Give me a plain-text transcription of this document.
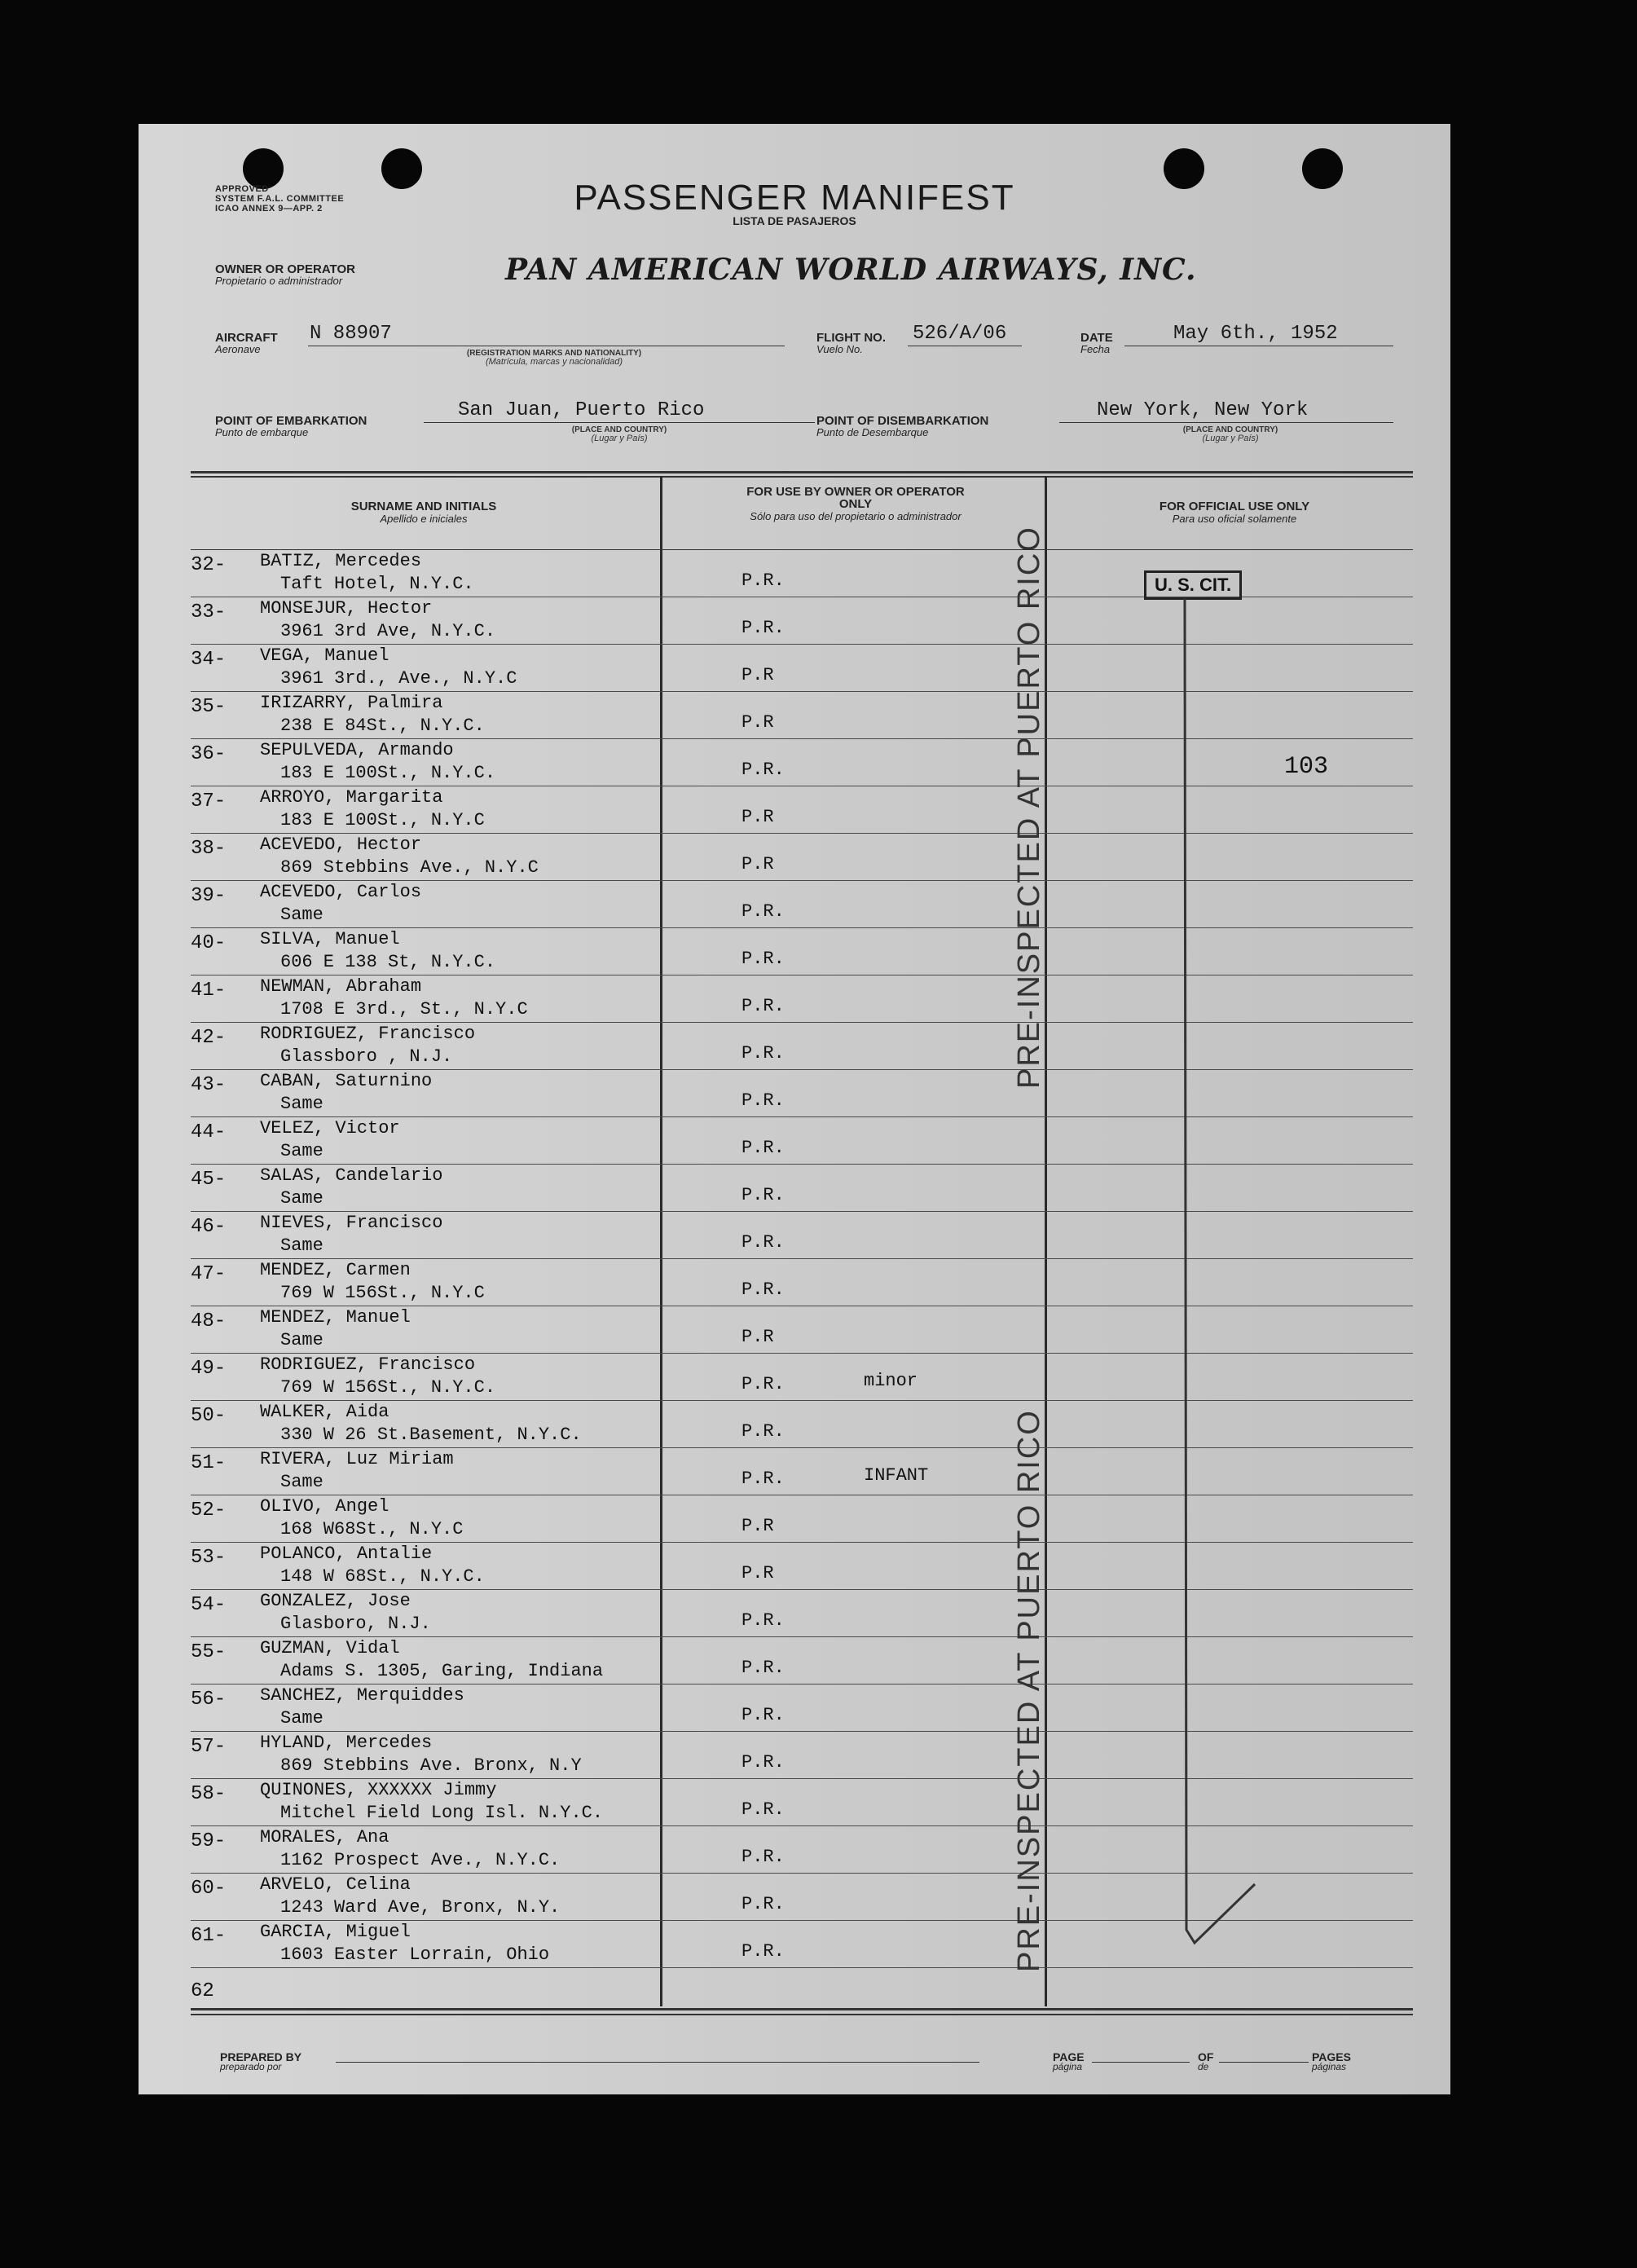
APPROVED
SYSTEM F.A.L. COMMITTEE
ICAO ANNEX 9—APP. 2	PASSENGER MANIFEST
LISTA DE PASAJEROS
OWNER OR OPERATOR
Propietario o administrador	PAN AMERICAN WORLD AIRWAYS, INC.
AIRCRAFT
Aeronave
N 88907
(REGISTRATION MARKS AND NATIONALITY)
(Matrícula, marcas y nacionalidad)
FLIGHT NO.
Vuelo No.
526/A/06	DATE
Fecha
May 6th., 1952
POINT OF EMBARKATION
Punto de embarque
San Juan, Puerto Rico
(PLACE AND COUNTRY)
(Lugar y País)
POINT OF DISEMBARKATION
Punto de Desembarque
New York, New York
(PLACE AND COUNTRY)
(Lugar y País)
SURNAME AND INITIALS
Apellido e iniciales
FOR USE BY OWNER OR OPERATOR ONLY
Sólo para uso del propietario o administrador
FOR OFFICIAL USE ONLY
Para uso oficial solamente
32- BATIZ, Mercedes
Taft Hotel, N.Y.C.	P.R.
33- MONSEJUR, Hector
3961 3rd Ave, N.Y.C.	P.R.
34- VEGA, Manuel
3961 3rd., Ave., N.Y.C	P.R
35- IRIZARRY, Palmira
238 E 84St., N.Y.C.	P.R
36- SEPULVEDA, Armando
183 E 100St., N.Y.C.	P.R.
37- ARROYO, Margarita
183 E 100St., N.Y.C	P.R
38- ACEVEDO, Hector
869 Stebbins Ave., N.Y.C	P.R
39- ACEVEDO, Carlos
Same	P.R.
40- SILVA, Manuel
606 E 138 St, N.Y.C.	P.R.
41- NEWMAN, Abraham
1708 E 3rd., St., N.Y.C	P.R.
42- RODRIGUEZ, Francisco
Glassboro , N.J.	P.R.
43- CABAN, Saturnino
Same	P.R.
44- VELEZ, Victor
Same	P.R.
45- SALAS, Candelario
Same	P.R.
46- NIEVES, Francisco
Same	P.R.
47- MENDEZ, Carmen
769 W 156St., N.Y.C	P.R.
48- MENDEZ, Manuel
Same	P.R
49- RODRIGUEZ, Francisco
769 W 156St., N.Y.C.	P.R.	minor
50- WALKER, Aida
330 W 26 St.Basement, N.Y.C.	P.R.
51- RIVERA, Luz Miriam
Same	P.R.	INFANT
52- OLIVO, Angel
168 W68St., N.Y.C	P.R
53- POLANCO, Antalie
148 W 68St., N.Y.C.	P.R
54- GONZALEZ, Jose
Glasboro, N.J.	P.R.
55- GUZMAN, Vidal
Adams S. 1305, Garing, Indiana	P.R.
56- SANCHEZ, Merquiddes
Same	P.R.
57- HYLAND, Mercedes
869 Stebbins Ave. Bronx, N.Y	P.R.
58- QUINONES, XXXXXX Jimmy
Mitchel Field Long Isl. N.Y.C.	P.R.
59- MORALES, Ana
1162 Prospect Ave., N.Y.C.	P.R.
60- ARVELO, Celina
1243 Ward Ave, Bronx, N.Y.	P.R.
61- GARCIA, Miguel
1603 Easter Lorrain, Ohio	P.R.
62
PRE-INSPECTED AT PUERTO RICO
PRE-INSPECTED AT PUERTO RICO
U. S. CIT.
103
PREPARED BY
preparado por
PAGE
página
OF
de
PAGES
páginas
